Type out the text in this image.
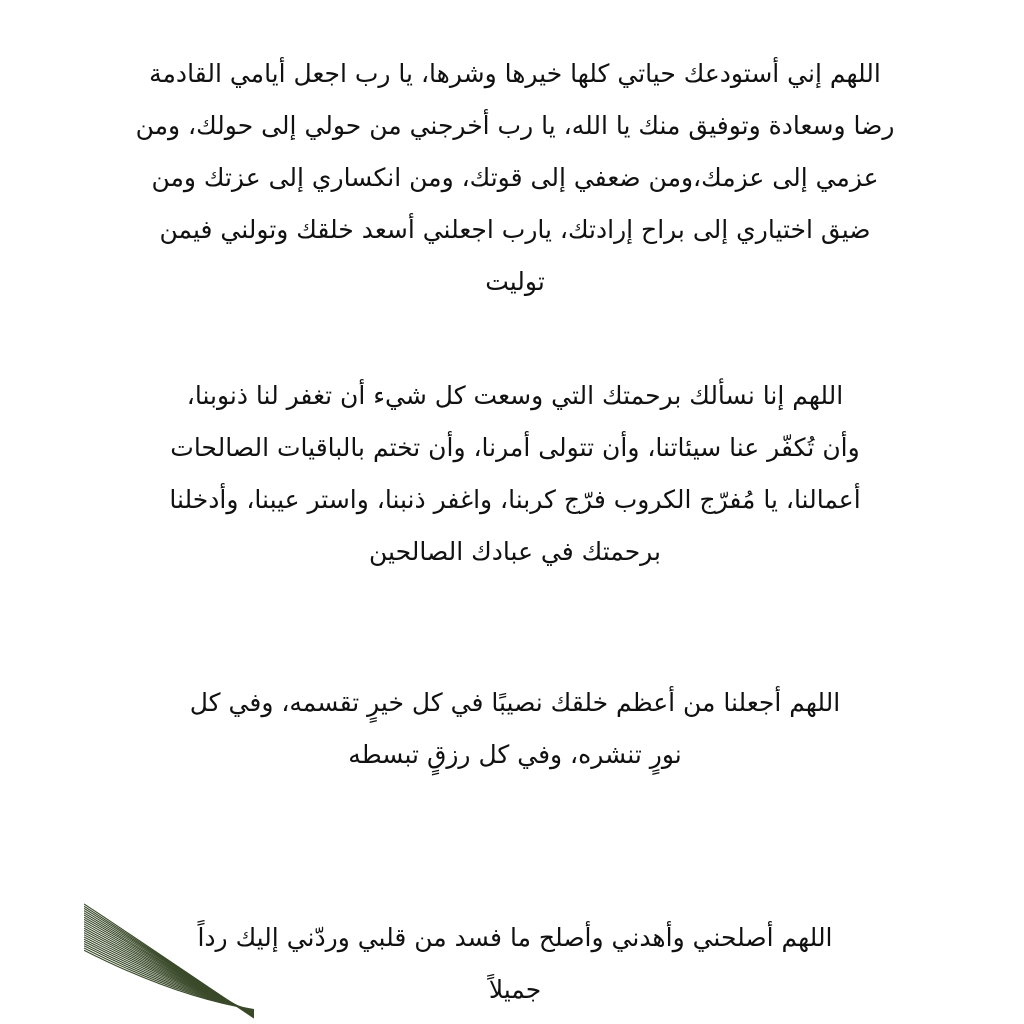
اللهم إني أستودعك حياتي كلها خيرها وشرها، يا رب اجعل أيامي القادمة
رضا وسعادة وتوفيق منك يا الله، يا رب أخرجني من حولي إلى حولك، ومن
عزمي إلى عزمك،ومن ضعفي إلى قوتك، ومن انكساري إلى عزتك ومن
ضيق اختياري إلى براح إرادتك، يارب اجعلني أسعد خلقك وتولني فيمن
توليت
اللهم إنا نسألك برحمتك التي وسعت كل شيء أن تغفر لنا ذنوبنا،
وأن تُكفّر عنا سيئاتنا، وأن تتولى أمرنا، وأن تختم بالباقيات الصالحات
أعمالنا، يا مُفرّج الكروب فرّج كربنا، واغفر ذنبنا، واستر عيبنا، وأدخلنا
برحمتك في عبادك الصالحين
اللهم أجعلنا من أعظم خلقك نصيبًا في كل خيرٍ تقسمه، وفي كل
نورٍ تنشره، وفي كل رزقٍ تبسطه
اللهم أصلحني وأهدني وأصلح ما فسد من قلبي وردّني إليك رداً
جميلاً
